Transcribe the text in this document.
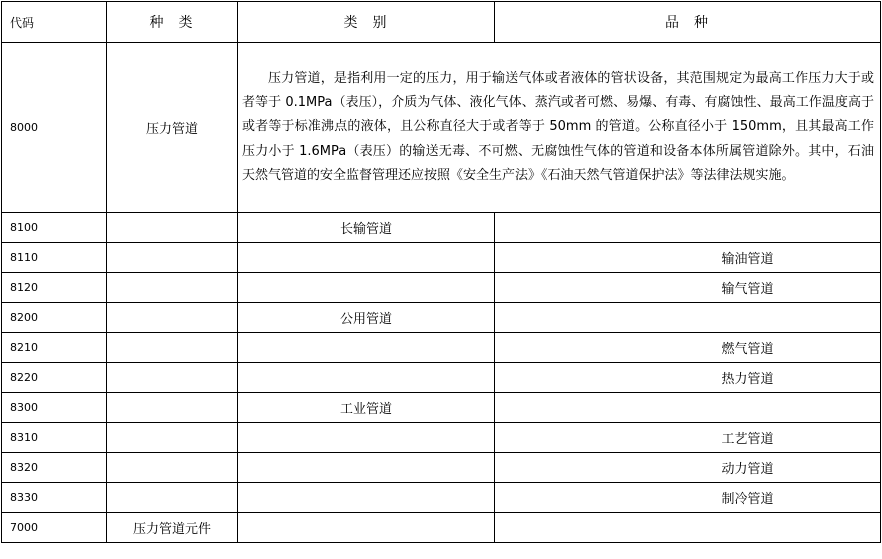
代码	种  类	类  别	品  种
8000	压力管道	压力管道，是指利用一定的压力，用于输送气体或者液体的管状设备，其范围规定为最高工作压力大于或者等于 0.1MPa（表压），介质为气体、液化气体、蒸汽或者可燃、易爆、有毒、有腐蚀性、最高工作温度高于或者等于标准沸点的液体，且公称直径大于或者等于 50mm 的管道。公称直径小于 150mm，且其最高工作压力小于 1.6MPa（表压）的输送无毒、不可燃、无腐蚀性气体的管道和设备本体所属管道除外。其中，石油天然气管道的安全监督管理还应按照《安全生产法》《石油天然气管道保护法》等法律法规实施。	
8100		长输管道	
8110			输油管道
8120			输气管道
8200		公用管道	
8210			燃气管道
8220			热力管道
8300		工业管道	
8310			工艺管道
8320			动力管道
8330			制冷管道
7000	压力管道元件		
